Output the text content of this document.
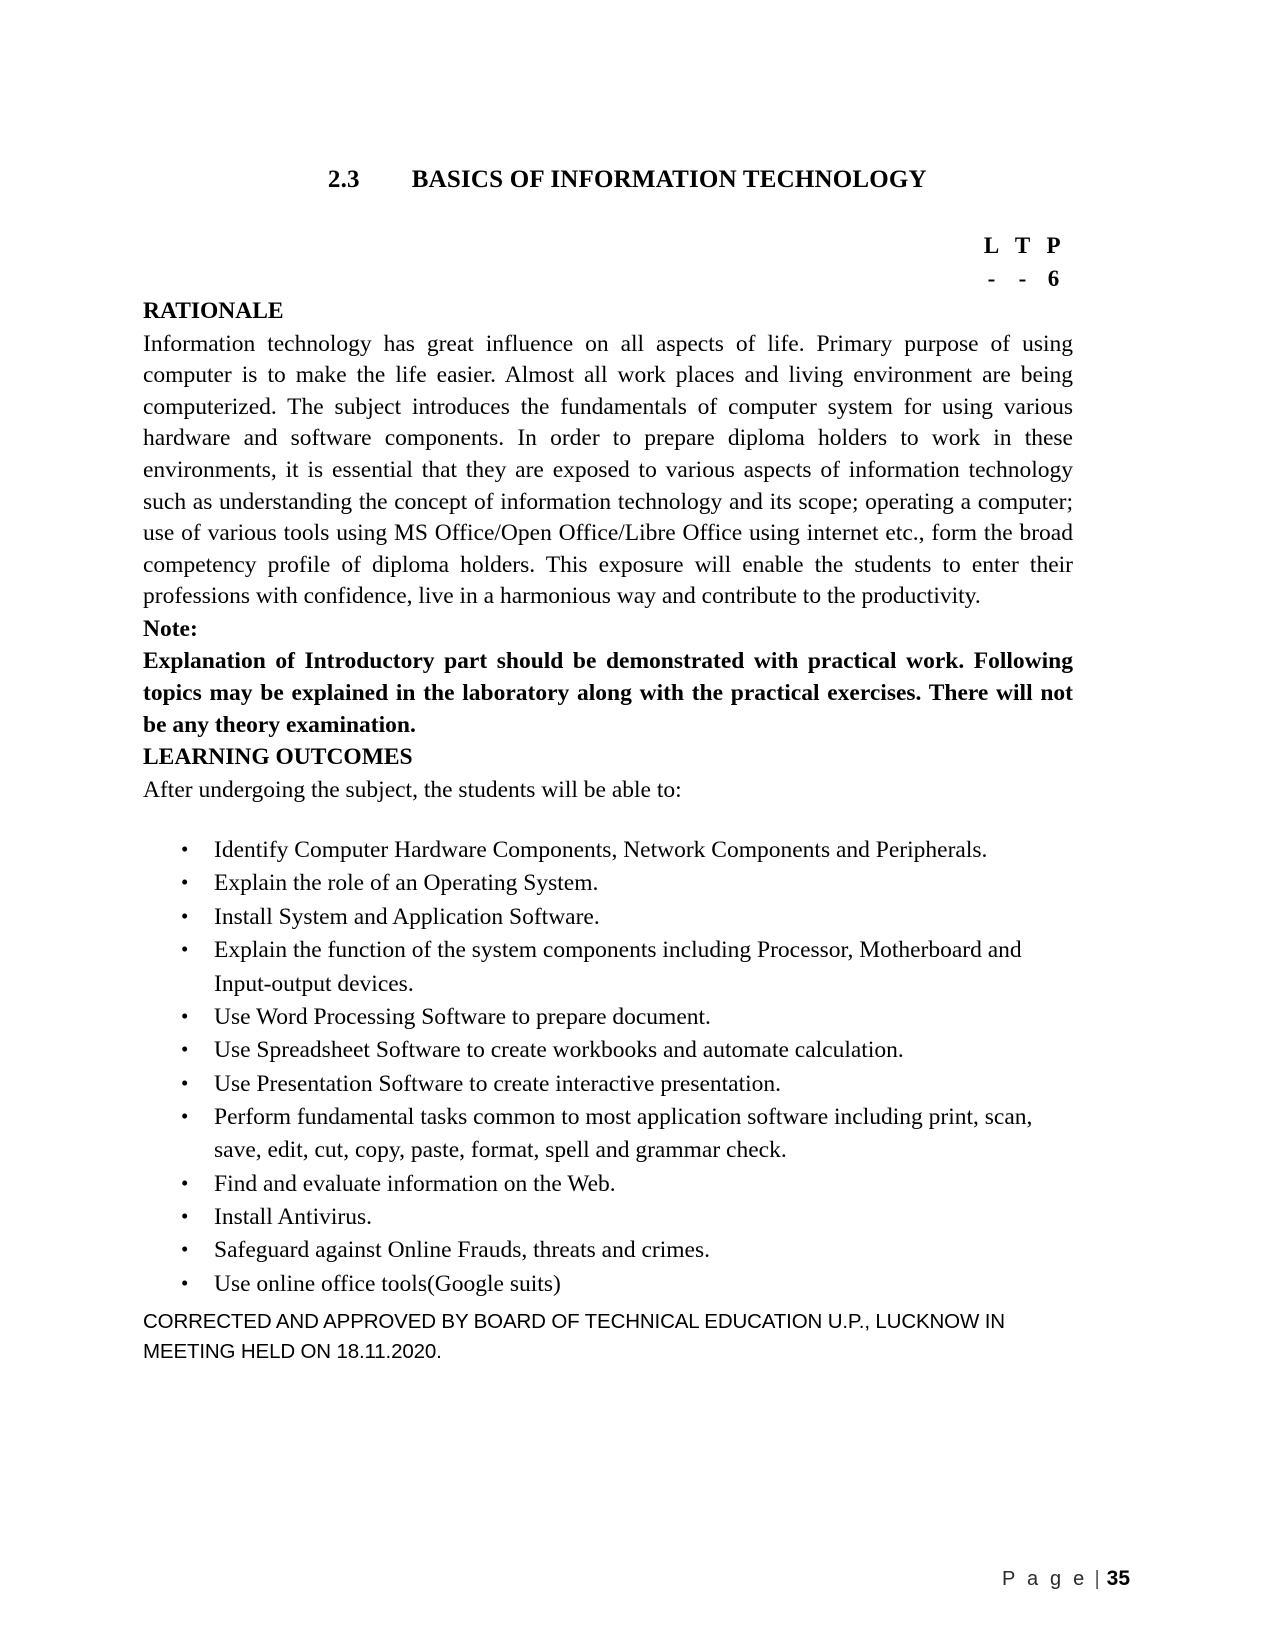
2.3 BASICS OF INFORMATION TECHNOLOGY

L T P
-	- 6
RATIONALE

Information technology has great influence on all aspects of life. Primary purpose of using computer is to make the life easier. Almost all work places and living environment are being computerized. The subject introduces the fundamentals of computer system for using various hardware and software components. In order to prepare diploma holders to work in these environments, it is essential that they are exposed to various aspects of information technology such as understanding the concept of information technology and its scope; operating a computer; use of various tools using MS Office/Open Office/Libre Office using internet etc., form the broad competency profile of diploma holders. This exposure will enable the students to enter their professions with confidence, live in a harmonious way and contribute to the productivity.

Note:

Explanation of Introductory part should be demonstrated with practical work. Following topics may be explained in the laboratory along with the practical exercises. There will not be any theory examination.

LEARNING OUTCOMES

After undergoing the subject, the students will be able to:

• Identify Computer Hardware Components, Network Components and Peripherals.
• Explain the role of an Operating System.
• Install System and Application Software.
• Explain the function of the system components including Processor, Motherboard and Input-output devices.
• Use Word Processing Software to prepare document.
• Use Spreadsheet Software to create workbooks and automate calculation.
• Use Presentation Software to create interactive presentation.
• Perform fundamental tasks common to most application software including print, scan, save, edit, cut, copy, paste, format, spell and grammar check.
• Find and evaluate information on the Web.
• Install Antivirus.
• Safeguard against Online Frauds, threats and crimes.
• Use online office tools(Google suits)
CORRECTED AND APPROVED BY BOARD OF TECHNICAL EDUCATION U.P., LUCKNOW IN MEETING HELD ON 18.11.2020.
P a g e | 35
